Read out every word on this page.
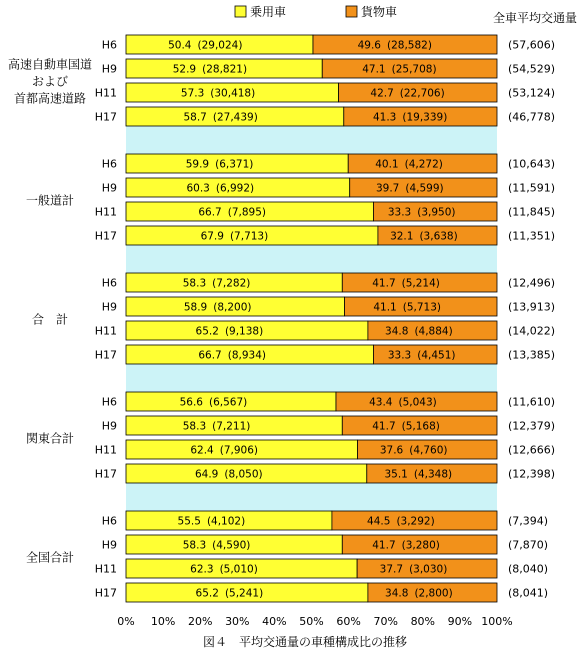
乗用車	貨物車	全車平均交通量
高速自動車国道
および
首都高速道路
H6	50.4 (29,024)	49.6 (28,582)	(57,606)
H9	52.9 (28,821)	47.1 (25,708)	(54,529)
H11	57.3 (30,418)	42.7 (22,706)	(53,124)
H17	58.7 (27,439)	41.3 (19,339)	(46,778)
一般道計
H6	59.9 (6,371)	40.1 (4,272)	(10,643)
H9	60.3 (6,992)	39.7 (4,599)	(11,591)
H11	66.7 (7,895)	33.3 (3,950)	(11,845)
H17	67.9 (7,713)	32.1 (3,638)	(11,351)
合　計
H6	58.3 (7,282)	41.7 (5,214)	(12,496)
H9	58.9 (8,200)	41.1 (5,713)	(13,913)
H11	65.2 (9,138)	34.8 (4,884)	(14,022)
H17	66.7 (8,934)	33.3 (4,451)	(13,385)
関東合計
H6	56.6 (6,567)	43.4 (5,043)	(11,610)
H9	58.3 (7,211)	41.7 (5,168)	(12,379)
H11	62.4 (7,906)	37.6 (4,760)	(12,666)
H17	64.9 (8,050)	35.1 (4,348)	(12,398)
全国合計
H6	55.5 (4,102)	44.5 (3,292)	(7,394)
H9	58.3 (4,590)	41.7 (3,280)	(7,870)
H11	62.3 (5,010)	37.7 (3,030)	(8,040)
H17	65.2 (5,241)	34.8 (2,800)	(8,041)
0% 10% 20% 30% 40% 50% 60% 70% 80% 90% 100%
図４　平均交通量の車種構成比の推移
